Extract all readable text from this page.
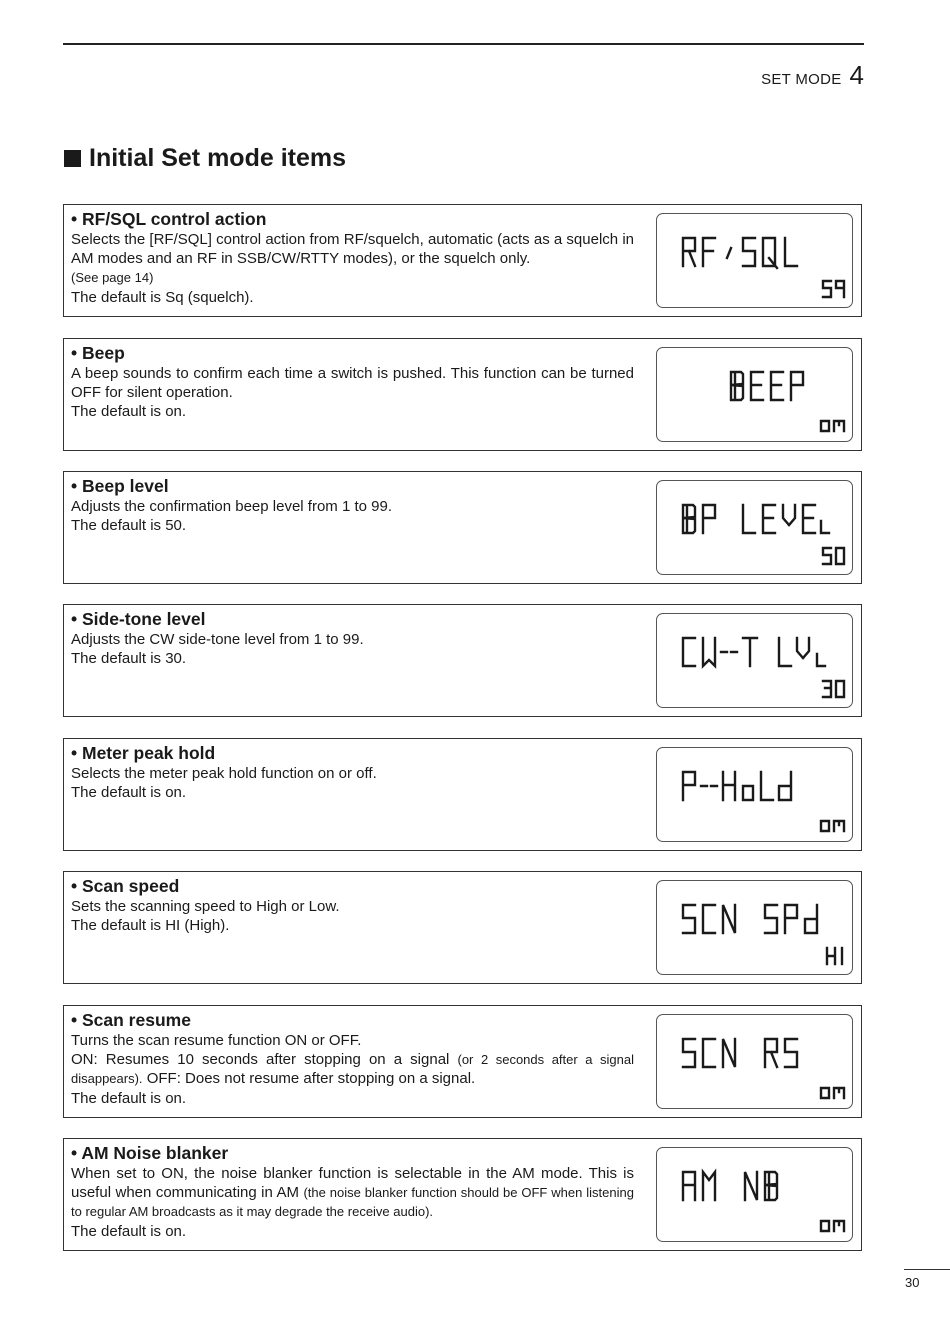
SET MODE 4
Initial Set mode items
• RF/SQL control action

Selects the [RF/SQL] control action from RF/squelch, automatic (acts as a squelch in AM modes and an RF in SSB/CW/RTTY modes), or the squelch only.

(See page 14)

The default is Sq (squelch).

• Beep

A beep sounds to confirm each time a switch is pushed. This function can be turned OFF for silent operation.

The default is on.

• Beep level

Adjusts the confirmation beep level from 1 to 99.

The default is 50.

• Side-tone level

Adjusts the CW side-tone level from 1 to 99.

The default is 30.

• Meter peak hold

Selects the meter peak hold function on or off.

The default is on.

• Scan speed

Sets the scanning speed to High or Low.

The default is HI (High).

• Scan resume

Turns the scan resume function ON or OFF.

ON: Resumes 10 seconds after stopping on a signal (or 2 seconds after a signal disappears). OFF: Does not resume after stopping on a signal.

The default is on.

• AM Noise blanker

When set to ON, the noise blanker function is selectable in the AM mode. This is useful when communicating in AM (the noise blanker function should be OFF when listening to regular AM broadcasts as it may degrade the receive audio).

The default is on.

30
